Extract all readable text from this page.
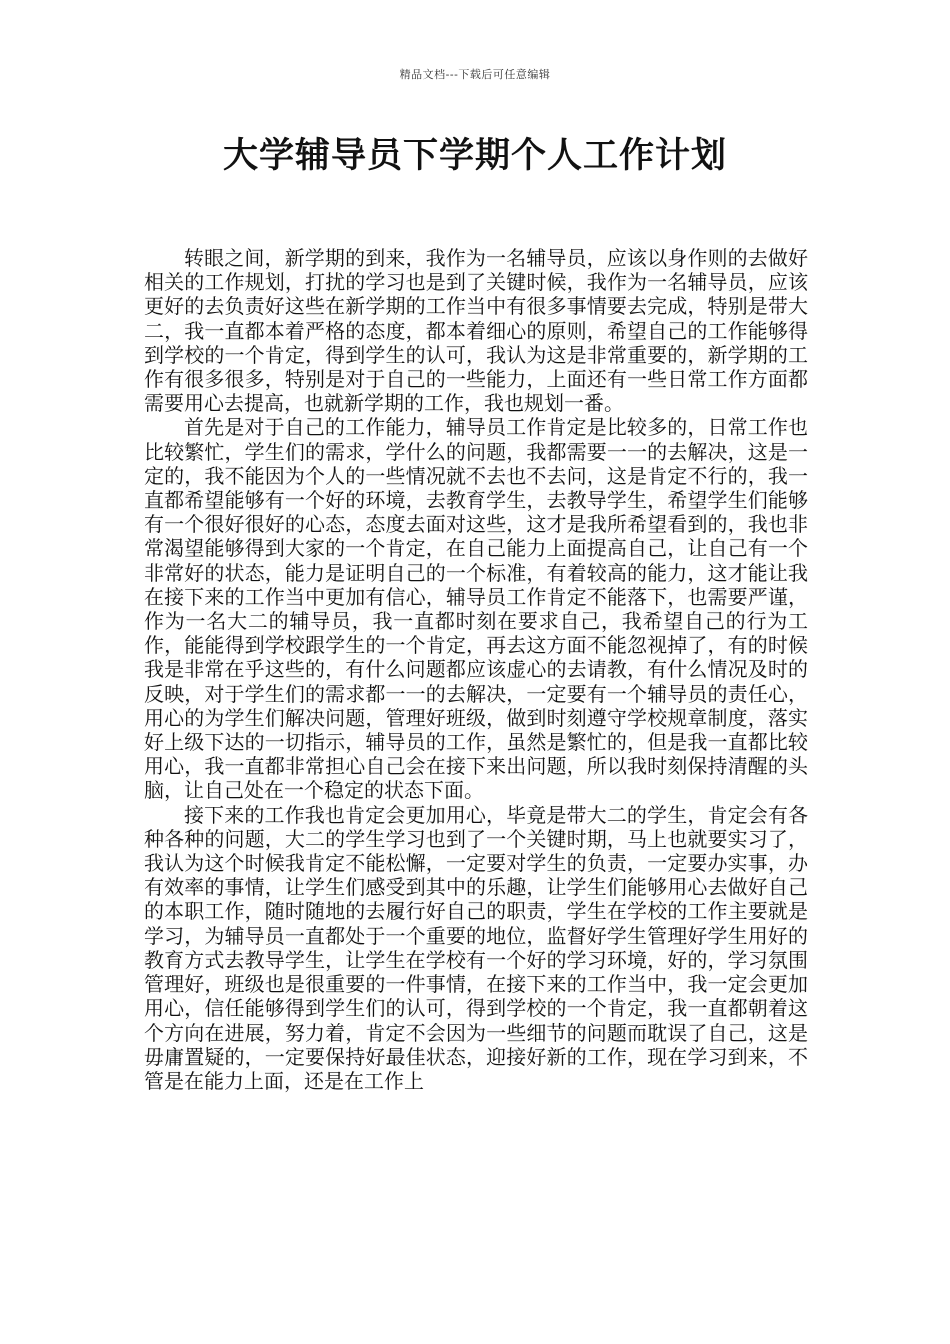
精品文档---下载后可任意编辑
大学辅导员下学期个人工作计划

转眼之间，新学期的到来，我作为一名辅导员，应该以身作则的去做好相关的工作规划，打扰的学习也是到了关键时候，我作为一名辅导员，应该更好的去负责好这些在新学期的工作当中有很多事情要去完成，特别是带大二，我一直都本着严格的态度，都本着细心的原则，希望自己的工作能够得到学校的一个肯定，得到学生的认可，我认为这是非常重要的，新学期的工作有很多很多，特别是对于自己的一些能力，上面还有一些日常工作方面都需要用心去提高，也就新学期的工作，我也规划一番。

首先是对于自己的工作能力，辅导员工作肯定是比较多的，日常工作也比较繁忙，学生们的需求，学什么的问题，我都需要一一的去解决，这是一定的，我不能因为个人的一些情况就不去也不去问，这是肯定不行的，我一直都希望能够有一个好的环境，去教育学生，去教导学生，希望学生们能够有一个很好很好的心态，态度去面对这些，这才是我所希望看到的，我也非常渴望能够得到大家的一个肯定，在自己能力上面提高自己，让自己有一个非常好的状态，能力是证明自己的一个标准，有着较高的能力，这才能让我在接下来的工作当中更加有信心，辅导员工作肯定不能落下，也需要严谨，作为一名大二的辅导员，我一直都时刻在要求自己，我希望自己的行为工作，能能得到学校跟学生的一个肯定，再去这方面不能忽视掉了，有的时候我是非常在乎这些的，有什么问题都应该虚心的去请教，有什么情况及时的反映，对于学生们的需求都一一的去解决，一定要有一个辅导员的责任心，用心的为学生们解决问题，管理好班级，做到时刻遵守学校规章制度，落实好上级下达的一切指示，辅导员的工作，虽然是繁忙的，但是我一直都比较用心，我一直都非常担心自己会在接下来出问题，所以我时刻保持清醒的头脑，让自己处在一个稳定的状态下面。

接下来的工作我也肯定会更加用心，毕竟是带大二的学生，肯定会有各种各种的问题，大二的学生学习也到了一个关键时期，马上也就要实习了，我认为这个时候我肯定不能松懈，一定要对学生的负责，一定要办实事，办有效率的事情，让学生们感受到其中的乐趣，让学生们能够用心去做好自己的本职工作，随时随地的去履行好自己的职责，学生在学校的工作主要就是学习，为辅导员一直都处于一个重要的地位，监督好学生管理好学生用好的教育方式去教导学生，让学生在学校有一个好的学习环境，好的，学习氛围管理好，班级也是很重要的一件事情，在接下来的工作当中，我一定会更加用心，信任能够得到学生们的认可，得到学校的一个肯定，我一直都朝着这个方向在进展，努力着，肯定不会因为一些细节的问题而耽误了自己，这是毋庸置疑的，一定要保持好最佳状态，迎接好新的工作，现在学习到来，不管是在能力上面，还是在工作上
